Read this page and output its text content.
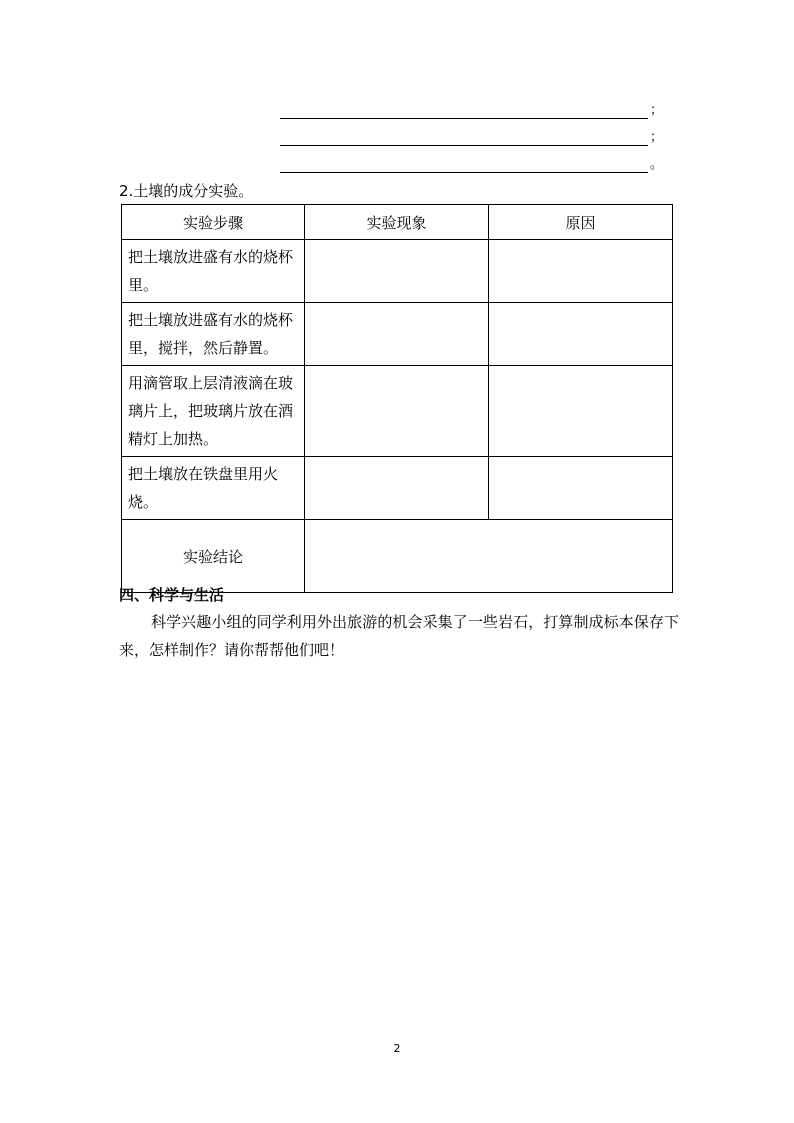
；
；
。
2.土壤的成分实验。
实验步骤	实验现象	原因
把土壤放进盛有水的烧杯里。		
把土壤放进盛有水的烧杯里，搅拌，然后静置。		
用滴管取上层清液滴在玻璃片上，把玻璃片放在酒精灯上加热。		
把土壤放在铁盘里用火烧。		
实验结论		
四、科学与生活
科学兴趣小组的同学利用外出旅游的机会采集了一些岩石，打算制成标本保存下来，怎样制作？请你帮帮他们吧！
2
